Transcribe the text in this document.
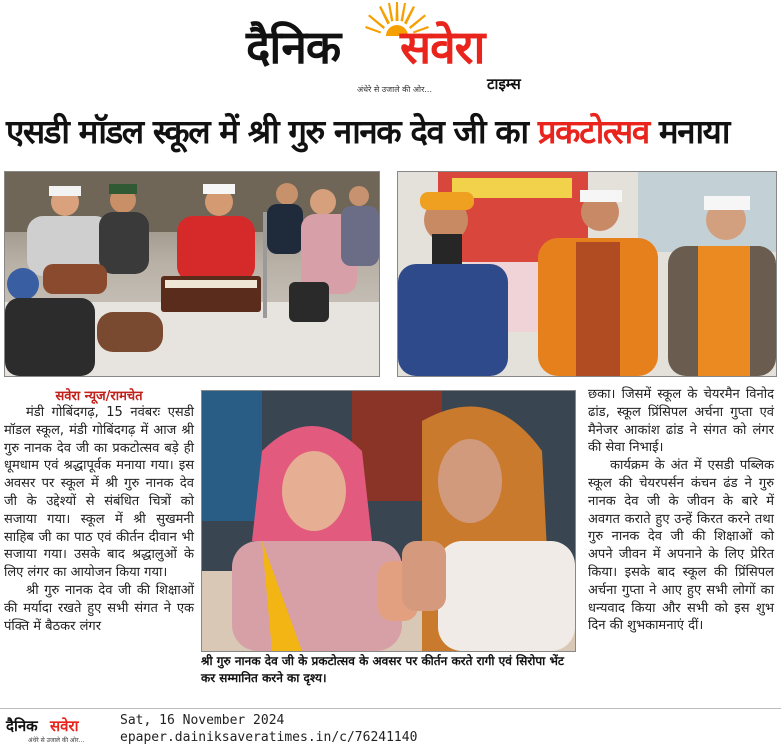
दैनिक सवेरा
टाइम्स
अंधेरे से उजाले की ओर...
एसडी मॉडल स्कूल में श्री गुरु नानक देव जी का प्रकटोत्सव मनाया
सवेरा न्यूज/रामचेत

मंडी गोबिंदगढ़, 15 नवंबरः एसडी मॉडल स्कूल, मंडी गोबिंदगढ़ में आज श्री गुरु नानक देव जी का प्रकटोत्सव बड़े ही धूमधाम एवं श्रद्धापूर्वक मनाया गया। इस अवसर पर स्कूल में श्री गुरु नानक देव जी के उद्देश्यों से संबंधित चित्रों को सजाया गया। स्कूल में श्री सुखमनी साहिब जी का पाठ एवं कीर्तन दीवान भी सजाया गया। उसके बाद श्रद्धालुओं के लिए लंगर का आयोजन किया गया।

श्री गुरु नानक देव जी की शिक्षाओं की मर्यादा रखते हुए सभी संगत ने एक पंक्ति में बैठकर लंगर

छका। जिसमें स्कूल के चेयरमैन विनोद ढांड, स्कूल प्रिंसिपल अर्चना गुप्ता एवं मैनेजर आकांश ढांड ने संगत को लंगर की सेवा निभाई।

कार्यक्रम के अंत में एसडी पब्लिक स्कूल की चेयरपर्सन कंचन ढंड ने गुरु नानक देव जी के जीवन के बारे में अवगत कराते हुए उन्हें किरत करने तथा गुरु नानक देव जी की शिक्षाओं को अपने जीवन में अपनाने के लिए प्रेरित किया। इसके बाद स्कूल की प्रिंसिपल अर्चना गुप्ता ने आए हुए सभी लोगों का धन्यवाद किया और सभी को इस शुभ दिन की शुभकामनाएं दीं।

श्री गुरु नानक देव जी के प्रकटोत्सव के अवसर पर कीर्तन करते रागी एवं सिरोपा भेंट कर सम्मानित करने का दृश्य।
दैनिक सवेरा
अंधेरे से उजाले की ओर...
Sat, 16 November 2024
epaper.dainiksaveratimes.in/c/76241140
